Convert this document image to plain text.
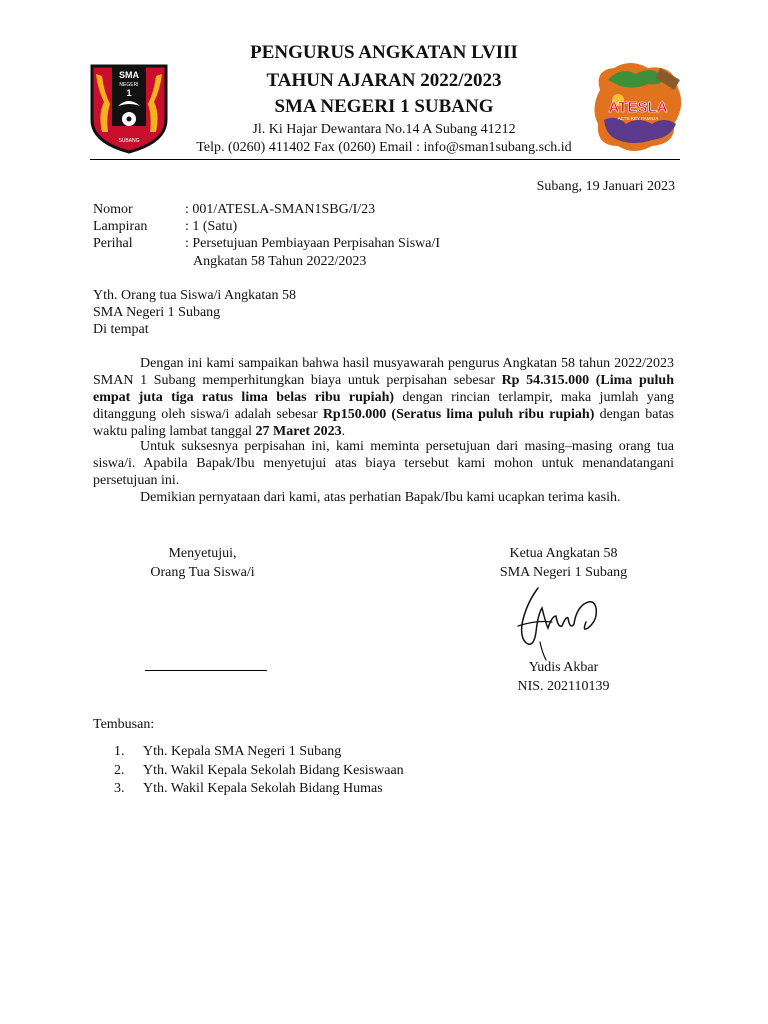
SMA
NEGERI
1
SUBANG
ATESLA
ACTS KEY FAMILIA
PENGURUS ANGKATAN LVIII
TAHUN AJARAN 2022/2023
SMA NEGERI 1 SUBANG
Jl. Ki Hajar Dewantara No.14 A Subang 41212
Telp. (0260) 411402 Fax (0260) Email : info@sman1subang.sch.id
Subang, 19 Januari 2023
Nomor	: 001/ATESLA-SMAN1SBG/I/23
Lampiran	: 1 (Satu)
Perihal	: Persetujuan Pembiayaan Perpisahan Siswa/I
Angkatan 58 Tahun 2022/2023
Yth. Orang tua Siswa/i Angkatan 58
SMA Negeri 1 Subang
Di tempat

Dengan ini kami sampaikan bahwa hasil musyawarah pengurus Angkatan 58 tahun 2022/2023 SMAN 1 Subang memperhitungkan biaya untuk perpisahan sebesar Rp 54.315.000 (Lima puluh empat juta tiga ratus lima belas ribu rupiah) dengan rincian terlampir, maka jumlah yang ditanggung oleh siswa/i adalah sebesar Rp150.000 (Seratus lima puluh ribu rupiah) dengan batas waktu paling lambat tanggal 27 Maret 2023.

Untuk suksesnya perpisahan ini, kami meminta persetujuan dari masing–masing orang tua siswa/i. Apabila Bapak/Ibu menyetujui atas biaya tersebut kami mohon untuk menandatangani persetujuan ini.

Demikian pernyataan dari kami, atas perhatian Bapak/Ibu kami ucapkan terima kasih.

Menyetujui,
Orang Tua Siswa/i
Ketua Angkatan 58
SMA Negeri 1 Subang
Yudis Akbar
NIS. 202110139
Tembusan:
1. Yth. Kepala SMA Negeri 1 Subang
2. Yth. Wakil Kepala Sekolah Bidang Kesiswaan
3. Yth. Wakil Kepala Sekolah Bidang Humas
